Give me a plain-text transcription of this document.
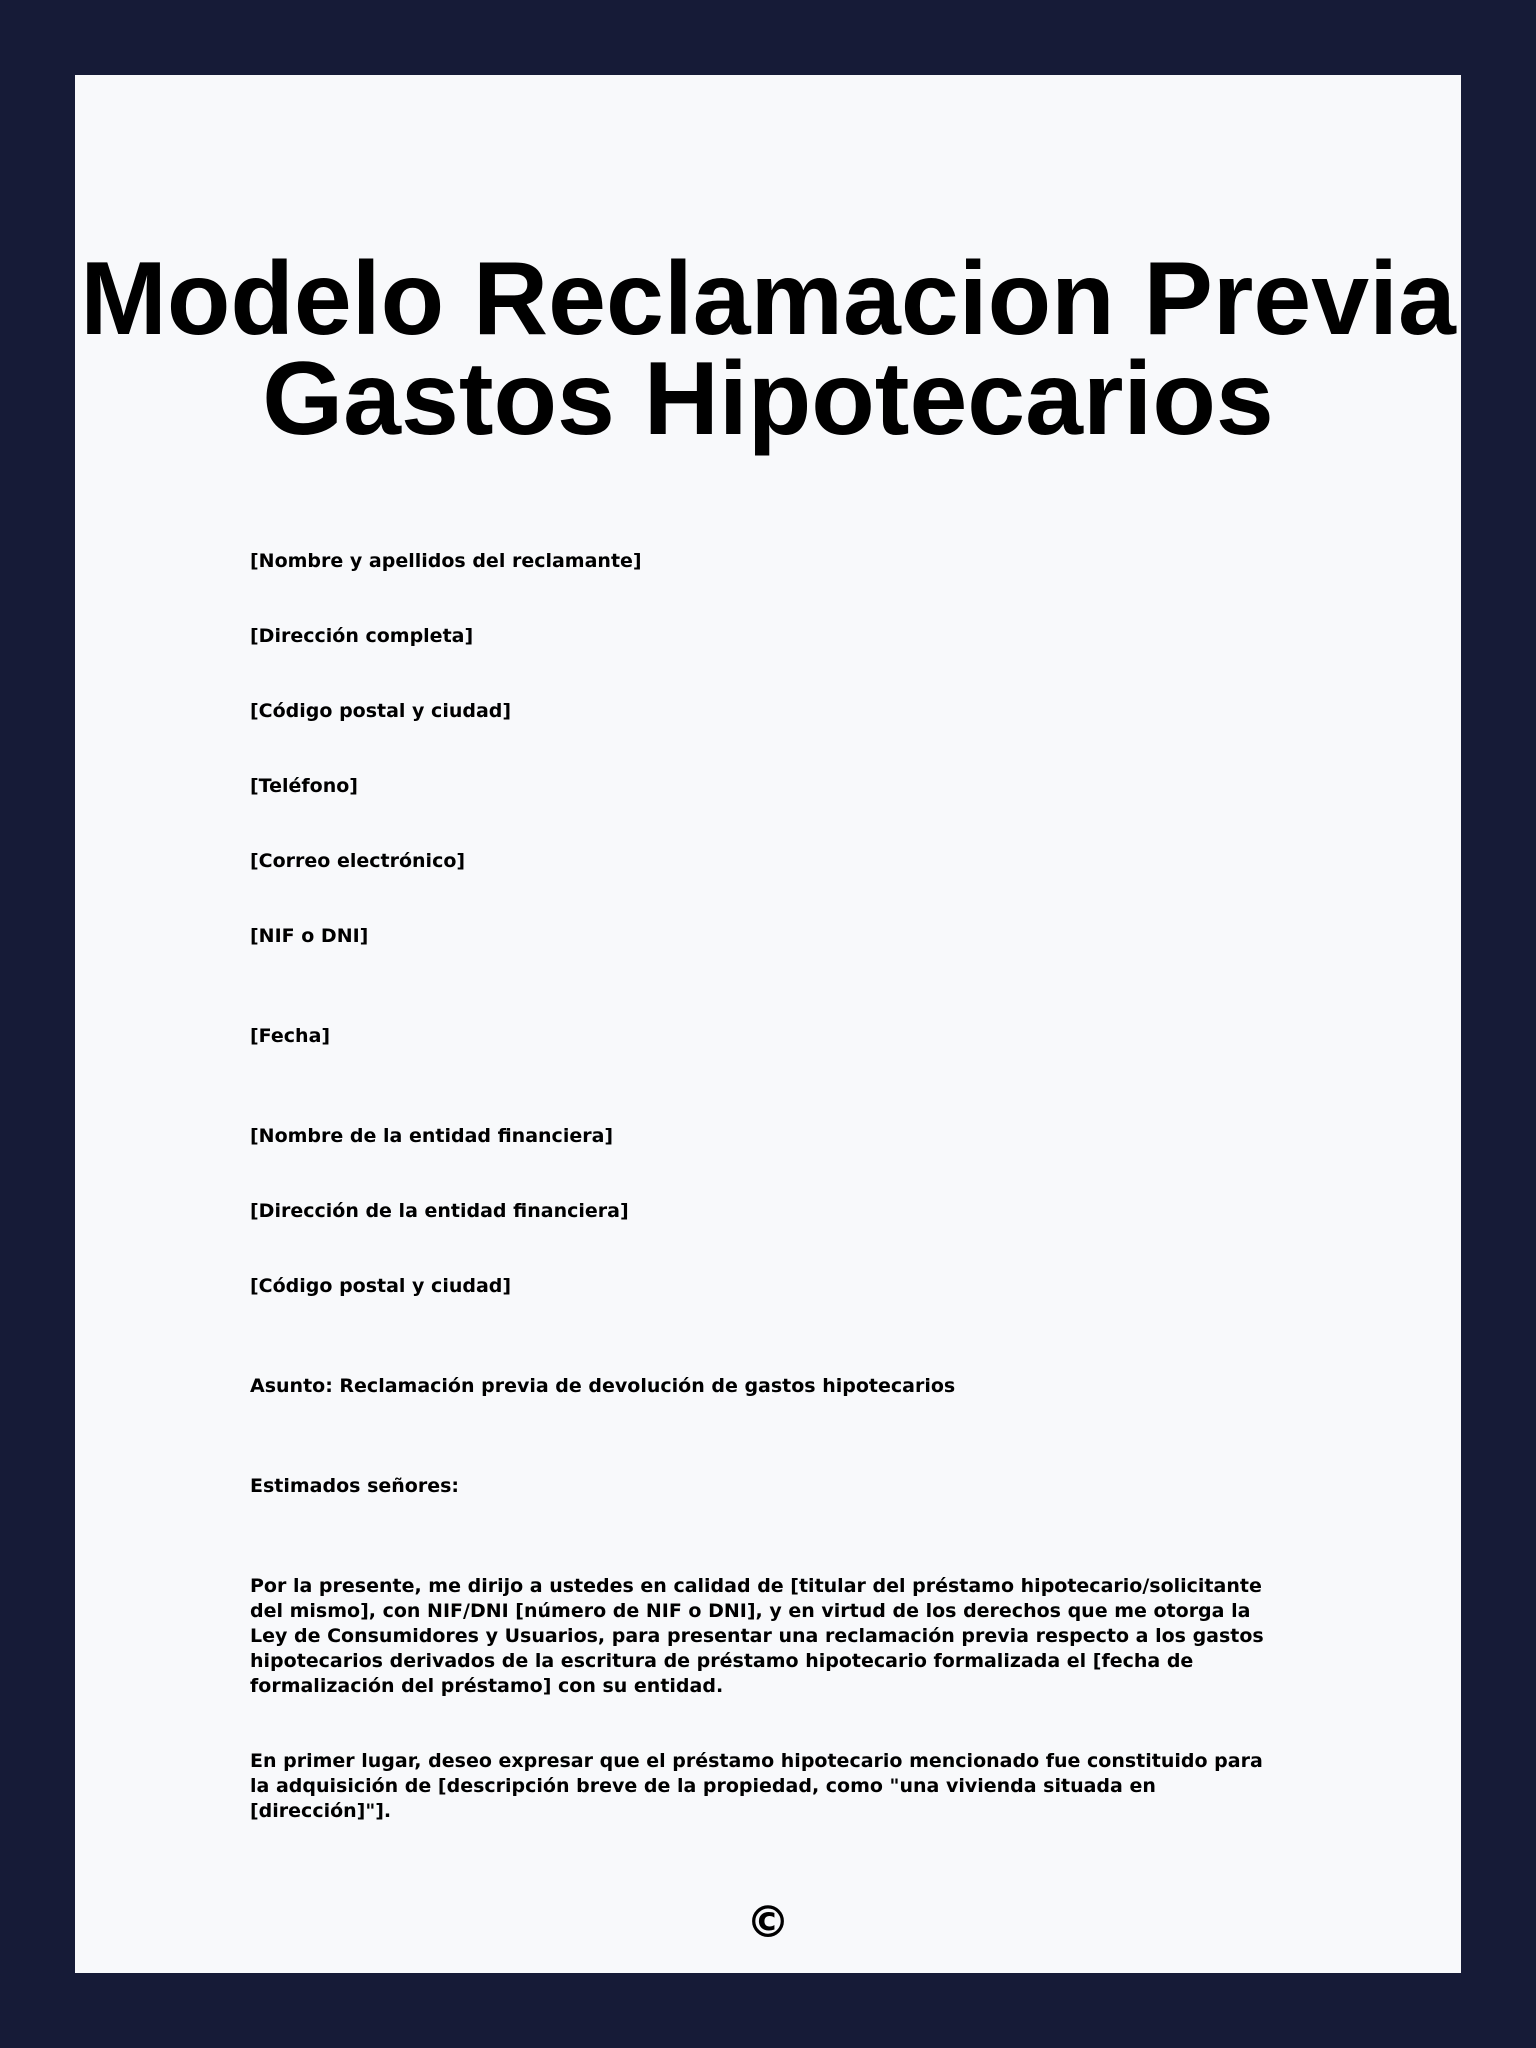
Modelo Reclamacion Previa
Gastos Hipotecarios

[Nombre y apellidos del reclamante]

[Dirección completa]

[Código postal y ciudad]

[Teléfono]

[Correo electrónico]

[NIF o DNI]

[Fecha]

[Nombre de la entidad financiera]

[Dirección de la entidad financiera]

[Código postal y ciudad]

Asunto: Reclamación previa de devolución de gastos hipotecarios

Estimados señores:

Por la presente, me dirijo a ustedes en calidad de [titular del préstamo hipotecario/solicitante del mismo], con NIF/DNI [número de NIF o DNI], y en virtud de los derechos que me otorga la Ley de Consumidores y Usuarios, para presentar una reclamación previa respecto a los gastos hipotecarios derivados de la escritura de préstamo hipotecario formalizada el [fecha de formalización del préstamo] con su entidad.

En primer lugar, deseo expresar que el préstamo hipotecario mencionado fue constituido para la adquisición de [descripción breve de la propiedad, como "una vivienda situada en [dirección]"].

©
